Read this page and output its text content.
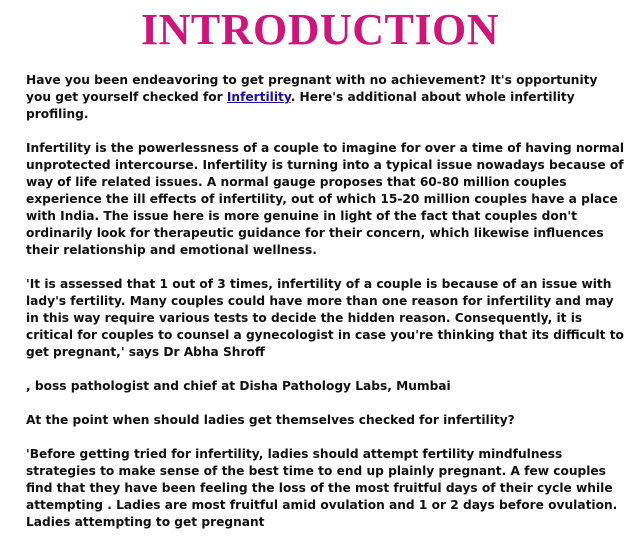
INTRODUCTION

Have you been endeavoring to get pregnant with no achievement? It's opportunity you get yourself checked for Infertility. Here's additional about whole infertility profiling.

Infertility is the powerlessness of a couple to imagine for over a time of having normal unprotected intercourse. Infertility is turning into a typical issue nowadays because of way of life related issues. A normal gauge proposes that 60-80 million couples experience the ill effects of infertility, out of which 15-20 million couples have a place with India. The issue here is more genuine in light of the fact that couples don't ordinarily look for therapeutic guidance for their concern, which likewise influences their relationship and emotional wellness.

'It is assessed that 1 out of 3 times, infertility of a couple is because of an issue with lady's fertility. Many couples could have more than one reason for infertility and may in this way require various tests to decide the hidden reason. Consequently, it is critical for couples to counsel a gynecologist in case you're thinking that its difficult to get pregnant,' says Dr Abha Shroff

, boss pathologist and chief at Disha Pathology Labs, Mumbai

At the point when should ladies get themselves checked for infertility?

'Before getting tried for infertility, ladies should attempt fertility mindfulness strategies to make sense of the best time to end up plainly pregnant. A few couples find that they have been feeling the loss of the most fruitful days of their cycle while attempting . Ladies are most fruitful amid ovulation and 1 or 2 days before ovulation. Ladies attempting to get pregnant
